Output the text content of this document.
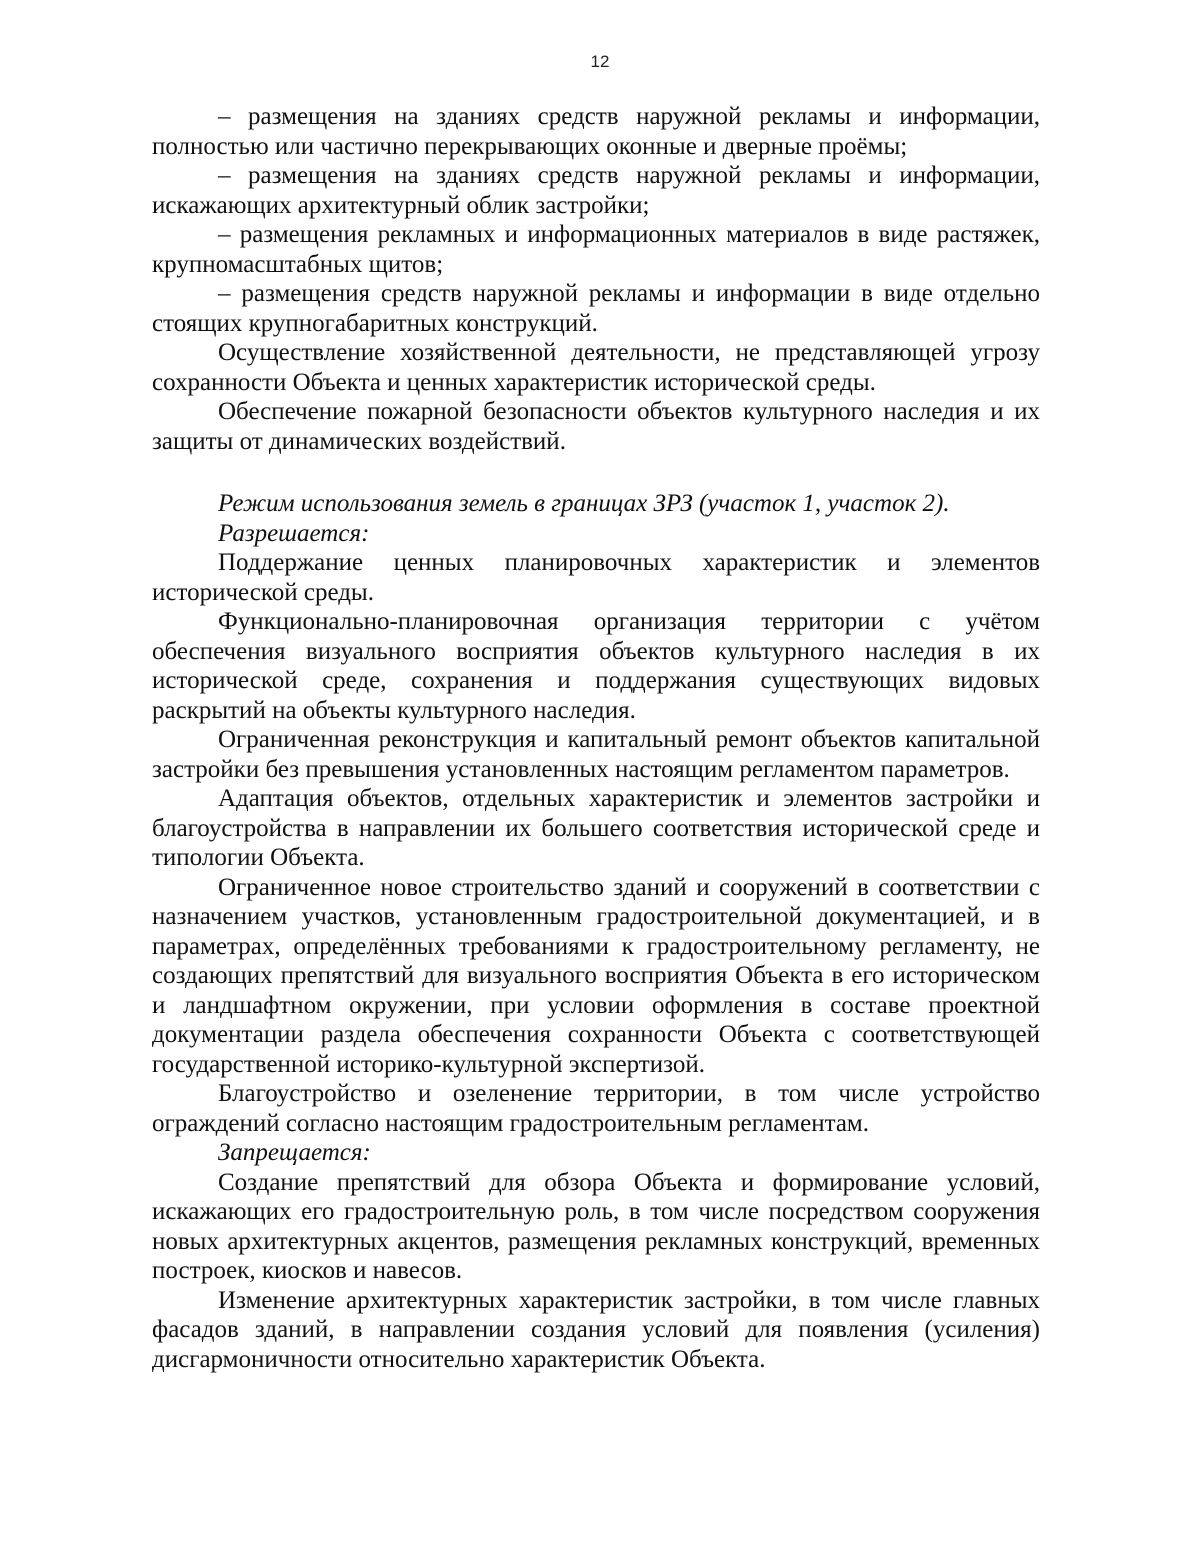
12

– размещения на зданиях средств наружной рекламы и информации, полностью или частично перекрывающих оконные и дверные проёмы;

– размещения на зданиях средств наружной рекламы и информации, искажающих архитектурный облик застройки;

– размещения рекламных и информационных материалов в виде растяжек, крупномасштабных щитов;

– размещения средств наружной рекламы и информации в виде отдельно стоящих крупногабаритных конструкций.

Осуществление хозяйственной деятельности, не представляющей угрозу сохранности Объекта и ценных характеристик исторической среды.

Обеспечение пожарной безопасности объектов культурного наследия и их защиты от динамических воздействий.

Режим использования земель в границах ЗРЗ (участок 1, участок 2).

Разрешается:

Поддержание ценных планировочных характеристик и элементов исторической среды.

Функционально-планировочная организация территории с учётом обеспечения визуального восприятия объектов культурного наследия в их исторической среде, сохранения и поддержания существующих видовых раскрытий на объекты культурного наследия.

Ограниченная реконструкция и капитальный ремонт объектов капитальной застройки без превышения установленных настоящим регламентом параметров.

Адаптация объектов, отдельных характеристик и элементов застройки и благоустройства в направлении их большего соответствия исторической среде и типологии Объекта.

Ограниченное новое строительство зданий и сооружений в соответствии с назначением участков, установленным градостроительной документацией, и в параметрах, определённых требованиями к градостроительному регламенту, не создающих препятствий для визуального восприятия Объекта в его историческом и ландшафтном окружении, при условии оформления в составе проектной документации раздела обеспечения сохранности Объекта с соответствующей государственной историко-культурной экспертизой.

Благоустройство и озеленение территории, в том числе устройство ограждений согласно настоящим градостроительным регламентам.

Запрещается:

Создание препятствий для обзора Объекта и формирование условий, искажающих его градостроительную роль, в том числе посредством сооружения новых архитектурных акцентов, размещения рекламных конструкций, временных построек, киосков и навесов.

Изменение архитектурных характеристик застройки, в том числе главных фасадов зданий, в направлении создания условий для появления (усиления) дисгармоничности относительно характеристик Объекта.
